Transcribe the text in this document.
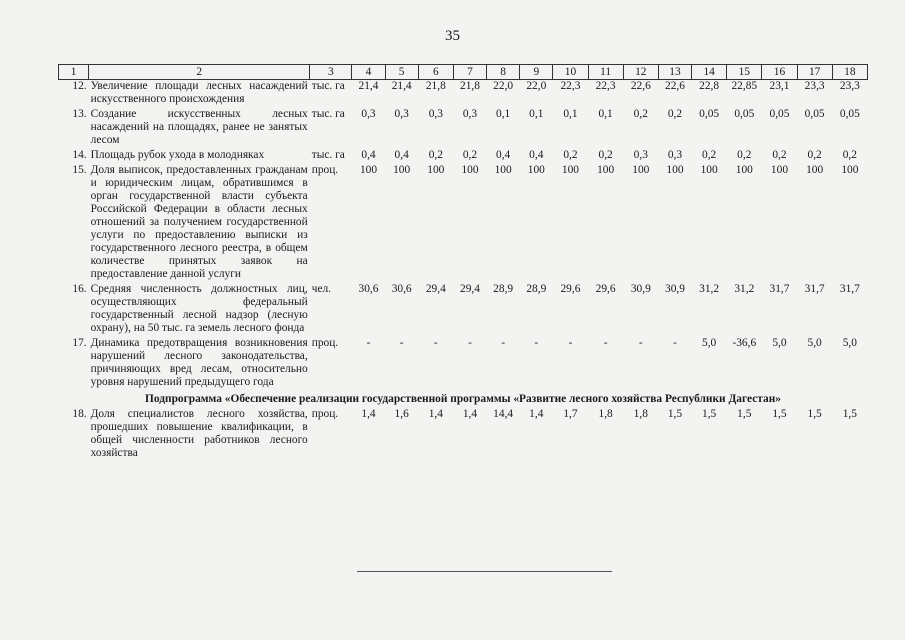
35
1	2	3	4	5	6	7	8	9	10	11	12	13	14	15	16	17	18
12.	Увеличение площади лесных насаждений искусственного происхождения	тыс. га	21,4	21,4	21,8	21,8	22,0	22,0	22,3	22,3	22,6	22,6	22,8	22,85	23,1	23,3	23,3
13.	Создание искусственных лесных насаждений на площадях, ранее не занятых лесом	тыс. га	0,3	0,3	0,3	0,3	0,1	0,1	0,1	0,1	0,2	0,2	0,05	0,05	0,05	0,05	0,05
14.	Площадь рубок ухода в молодняках	тыс. га	0,4	0,4	0,2	0,2	0,4	0,4	0,2	0,2	0,3	0,3	0,2	0,2	0,2	0,2	0,2
15.	Доля выписок, предоставленных гражданам и юридическим лицам, обратившимся в орган государственной власти субъекта Российской Федерации в области лесных отношений за получением государственной услуги по предоставлению выписки из государственного лесного реестра, в общем количестве принятых заявок на предоставление данной услуги	проц.	100	100	100	100	100	100	100	100	100	100	100	100	100	100	100
16.	Средняя численность должностных лиц, осуществляющих федеральный государственный лесной надзор (лесную охрану), на 50 тыс. га земель лесного фонда	чел.	30,6	30,6	29,4	29,4	28,9	28,9	29,6	29,6	30,9	30,9	31,2	31,2	31,7	31,7	31,7
17.	Динамика предотвращения возникновения нарушений лесного законодательства, причиняющих вред лесам, относительно уровня нарушений предыдущего года	проц.	-	-	-	-	-	-	-	-	-	-	5,0	-36,6	5,0	5,0	5,0
Подпрограмма «Обеспечение реализации государственной программы «Развитие лесного хозяйства Республики Дагестан»																	
18.	Доля специалистов лесного хозяйства, прошедших повышение квалификации, в общей численности работников лесного хозяйства	проц.	1,4	1,6	1,4	1,4	14,4	1,4	1,7	1,8	1,8	1,5	1,5	1,5	1,5	1,5	1,5
